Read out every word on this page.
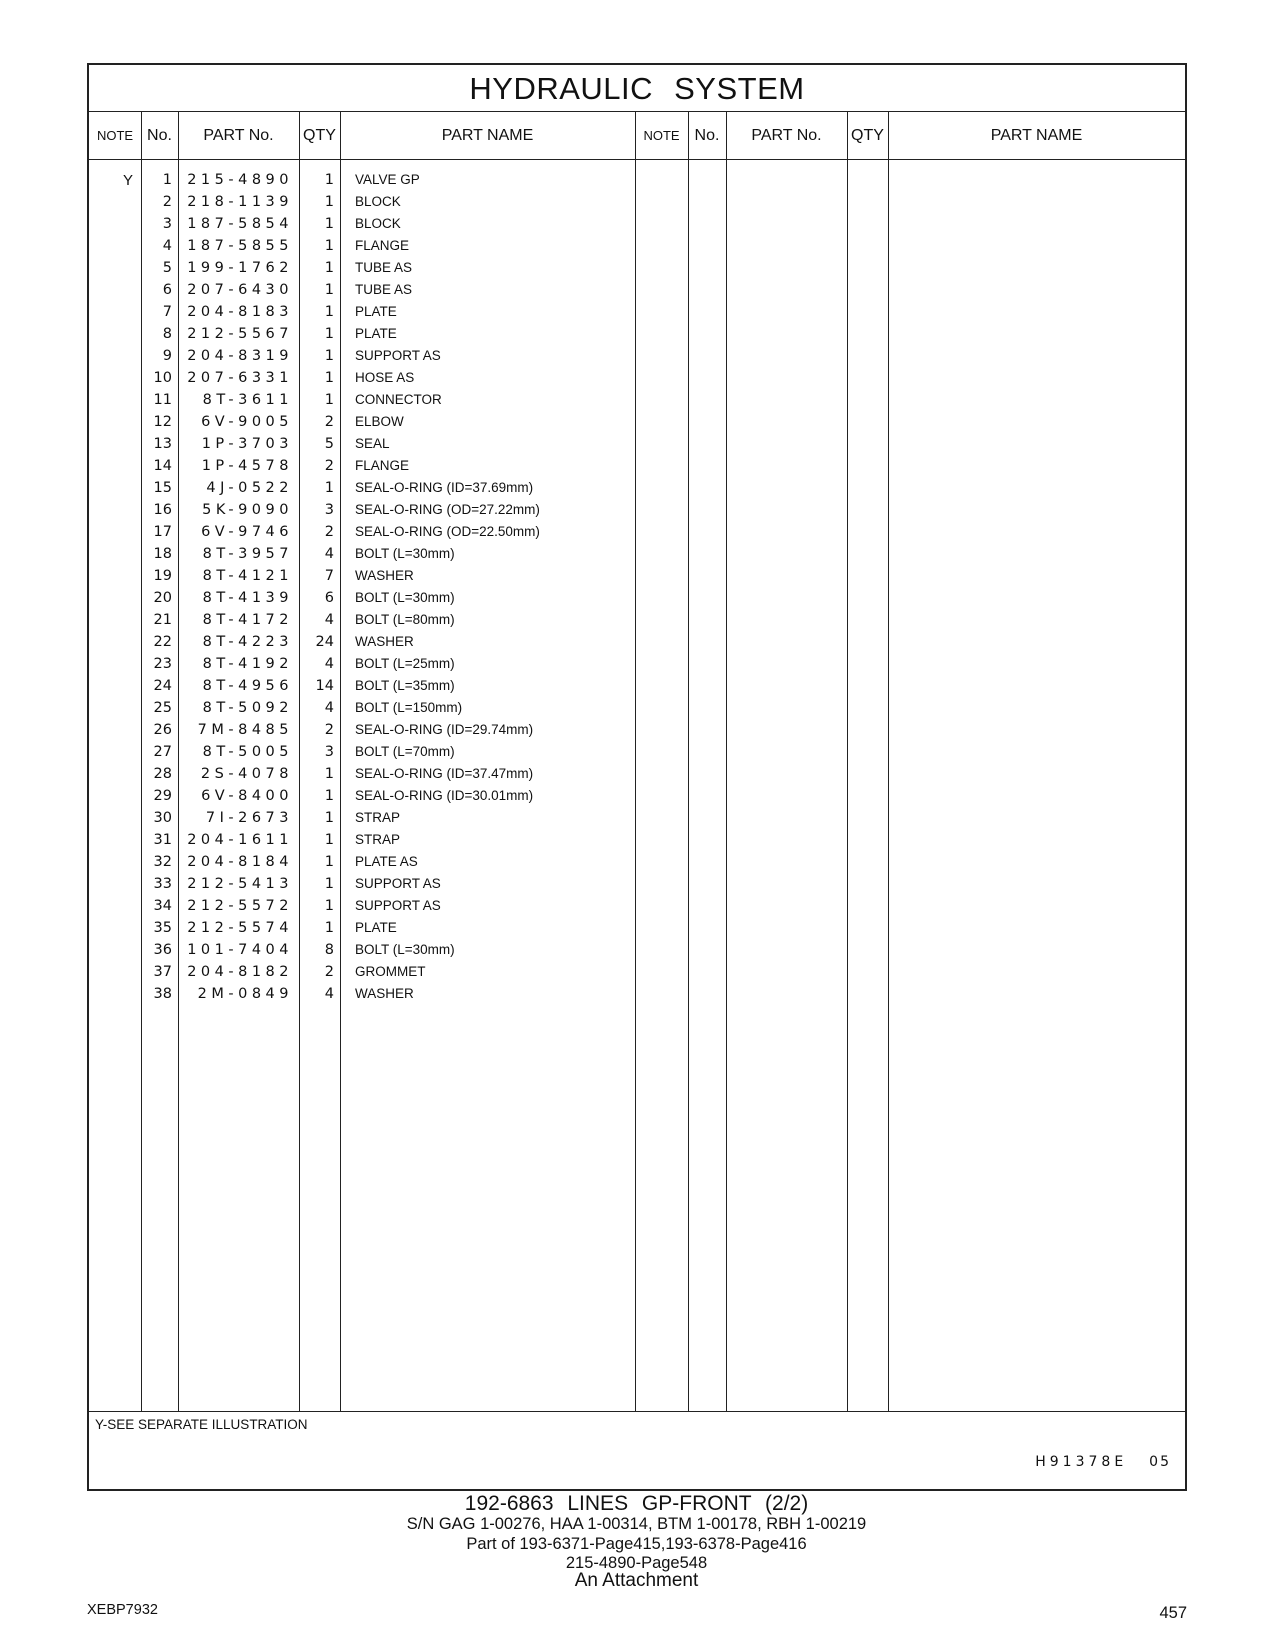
HYDRAULIC SYSTEM
NOTE No.	PART No.	QTY	PART NAME	NOTE No.	PART No.	QTY	PART NAME
Y	1	215-4890	1 VALVE GP
2	218-1139	1 BLOCK
3	187-5854	1 BLOCK
4	187-5855	1 FLANGE
5	199-1762	1 TUBE AS
6	207-6430	1 TUBE AS
7	204-8183	1 PLATE
8	212-5567	1 PLATE
9	204-8319	1 SUPPORT AS
10	207-6331	1 HOSE AS
11	8T-3611	1 CONNECTOR
12	6V-9005	2 ELBOW
13	1P-3703	5 SEAL
14	1P-4578	2 FLANGE
15	4J-0522	1 SEAL-O-RING (ID=37.69mm)
16	5K-9090	3 SEAL-O-RING (OD=27.22mm)
17	6V-9746	2 SEAL-O-RING (OD=22.50mm)
18	8T-3957	4 BOLT (L=30mm)
19	8T-4121	7 WASHER
20	8T-4139	6 BOLT (L=30mm)
21	8T-4172	4 BOLT (L=80mm)
22	8T-4223	24 WASHER
23	8T-4192	4 BOLT (L=25mm)
24	8T-4956	14 BOLT (L=35mm)
25	8T-5092	4 BOLT (L=150mm)
26	7M-8485	2 SEAL-O-RING (ID=29.74mm)
27	8T-5005	3 BOLT (L=70mm)
28	2S-4078	1 SEAL-O-RING (ID=37.47mm)
29	6V-8400	1 SEAL-O-RING (ID=30.01mm)
30	7I-2673	1 STRAP
31	204-1611	1 STRAP
32	204-8184	1 PLATE AS
33	212-5413	1 SUPPORT AS
34	212-5572	1 SUPPORT AS
35	212-5574	1 PLATE
36	101-7404	8 BOLT (L=30mm)
37	204-8182	2 GROMMET
38	2M-0849	4 WASHER
Y-SEE SEPARATE ILLUSTRATION
H91378E 05
192-6863 LINES GP-FRONT (2/2)
S/N GAG 1-00276, HAA 1-00314, BTM 1-00178, RBH 1-00219
Part of 193-6371-Page415,193-6378-Page416
215-4890-Page548
An Attachment
XEBP7932	457
